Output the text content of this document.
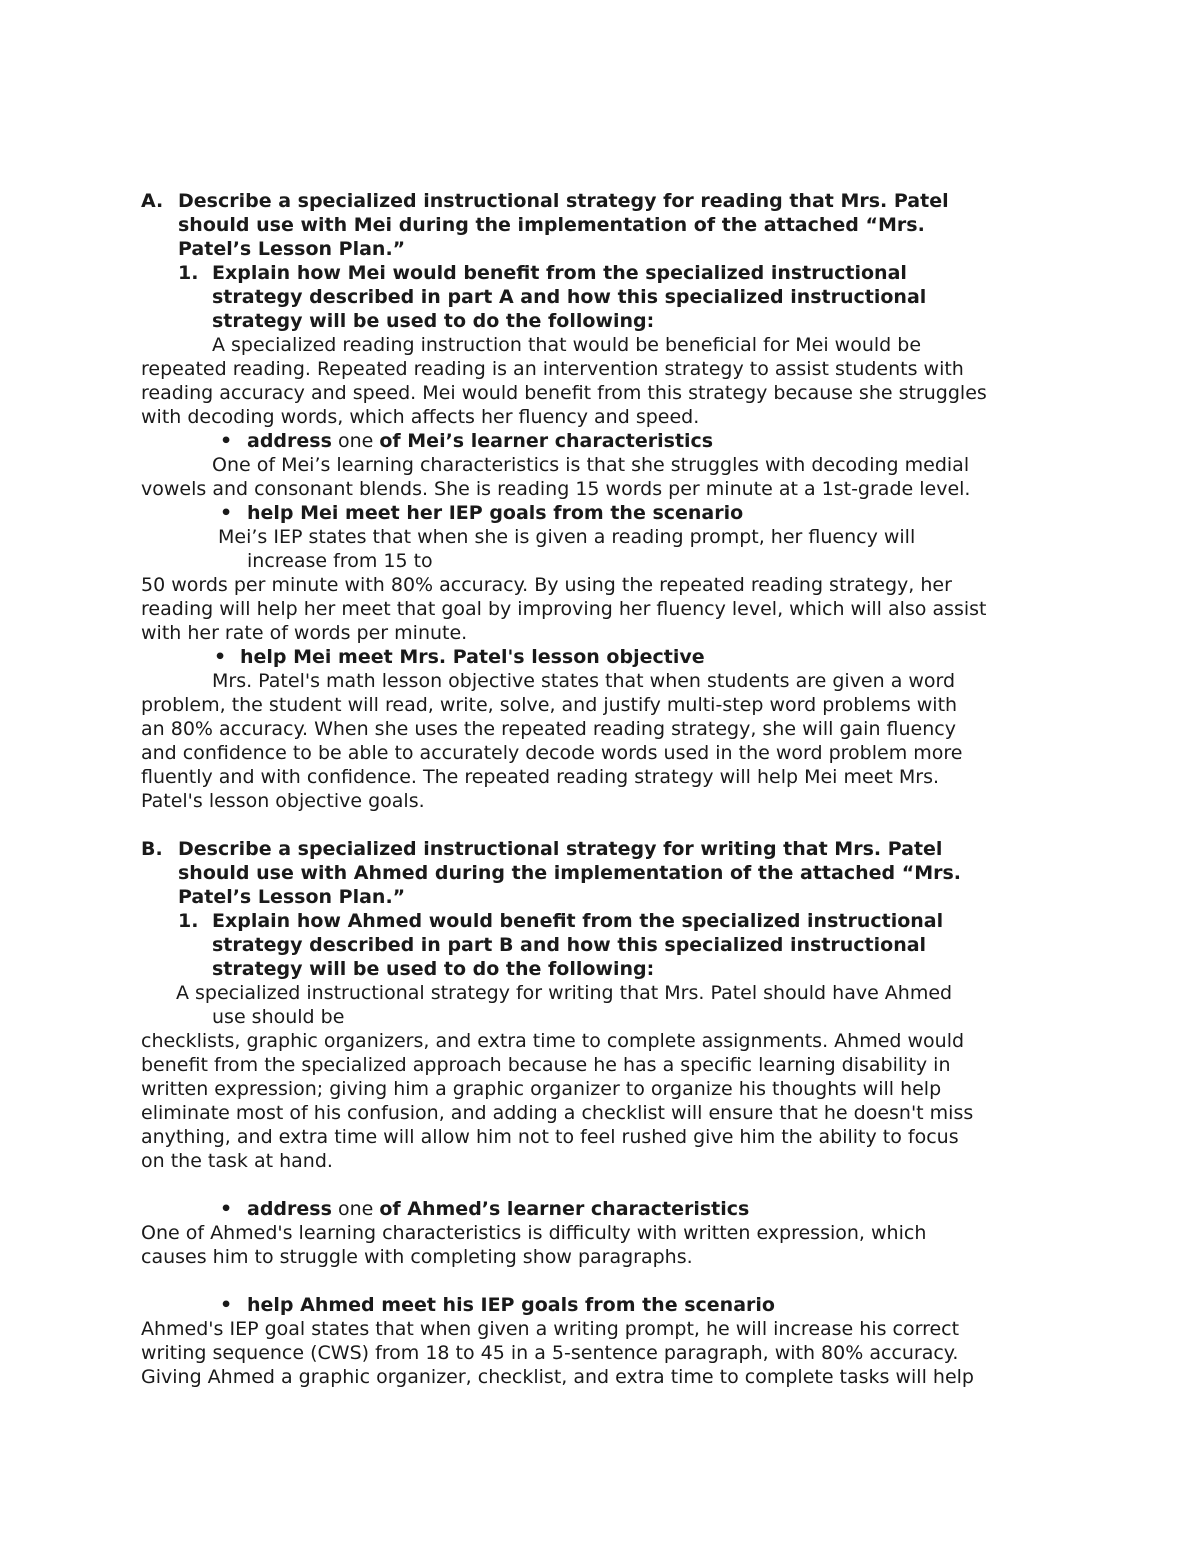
A. Describe a specialized instructional strategy for reading that Mrs. Patel
should use with Mei during the implementation of the attached “Mrs.
Patel’s Lesson Plan.”
1. Explain how Mei would benefit from the specialized instructional
strategy described in part A and how this specialized instructional
strategy will be used to do the following:
A specialized reading instruction that would be beneficial for Mei would be
repeated reading. Repeated reading is an intervention strategy to assist students with
reading accuracy and speed. Mei would benefit from this strategy because she struggles
with decoding words, which affects her fluency and speed.
• address one of Mei’s learner characteristics
One of Mei’s learning characteristics is that she struggles with decoding medial
vowels and consonant blends. She is reading 15 words per minute at a 1st-grade level.
• help Mei meet her IEP goals from the scenario
Mei’s IEP states that when she is given a reading prompt, her fluency will
increase from 15 to
50 words per minute with 80% accuracy. By using the repeated reading strategy, her
reading will help her meet that goal by improving her fluency level, which will also assist
with her rate of words per minute.
• help Mei meet Mrs. Patel's lesson objective
Mrs. Patel's math lesson objective states that when students are given a word
problem, the student will read, write, solve, and justify multi-step word problems with
an 80% accuracy. When she uses the repeated reading strategy, she will gain fluency
and confidence to be able to accurately decode words used in the word problem more
fluently and with confidence. The repeated reading strategy will help Mei meet Mrs.
Patel's lesson objective goals.
B. Describe a specialized instructional strategy for writing that Mrs. Patel
should use with Ahmed during the implementation of the attached “Mrs.
Patel’s Lesson Plan.”
1. Explain how Ahmed would benefit from the specialized instructional
strategy described in part B and how this specialized instructional
strategy will be used to do the following:
A specialized instructional strategy for writing that Mrs. Patel should have Ahmed
use should be
checklists, graphic organizers, and extra time to complete assignments. Ahmed would
benefit from the specialized approach because he has a specific learning disability in
written expression; giving him a graphic organizer to organize his thoughts will help
eliminate most of his confusion, and adding a checklist will ensure that he doesn't miss
anything, and extra time will allow him not to feel rushed give him the ability to focus
on the task at hand.
• address one of Ahmed’s learner characteristics
One of Ahmed's learning characteristics is difficulty with written expression, which
causes him to struggle with completing show paragraphs.
• help Ahmed meet his IEP goals from the scenario
Ahmed's IEP goal states that when given a writing prompt, he will increase his correct
writing sequence (CWS) from 18 to 45 in a 5-sentence paragraph, with 80% accuracy.
Giving Ahmed a graphic organizer, checklist, and extra time to complete tasks will help
